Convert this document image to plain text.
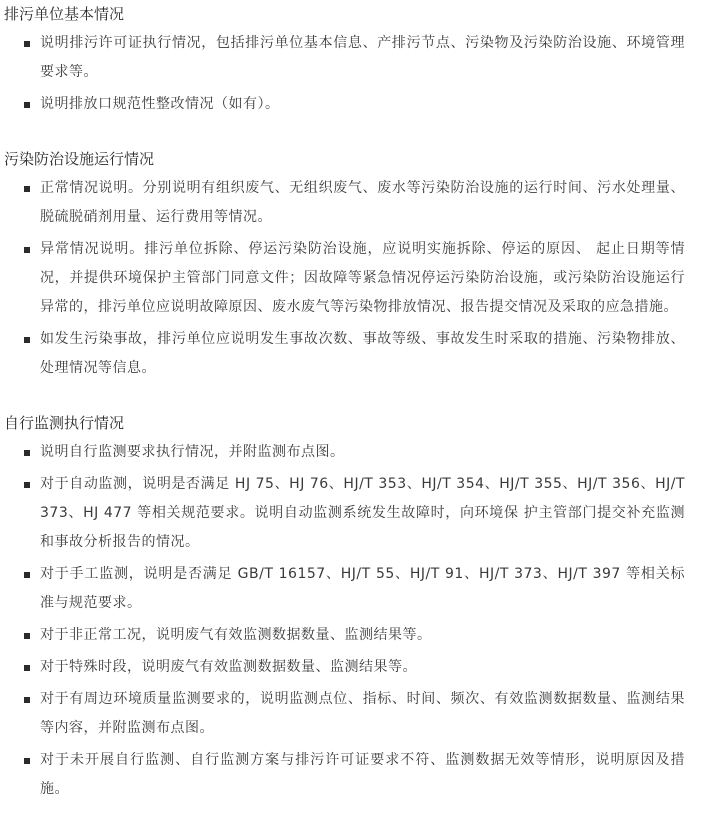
排污单位基本情况
说明排污许可证执行情况，包括排污单位基本信息、产排污节点、污染物及污染防治设施、环境管理要求等。
说明排放口规范性整改情况（如有）。
污染防治设施运行情况
正常情况说明。分别说明有组织废气、无组织废气、废水等污染防治设施的运行时间、污水处理量、脱硫脱硝剂用量、运行费用等情况。
异常情况说明。排污单位拆除、停运污染防治设施，应说明实施拆除、停运的原因、 起止日期等情况，并提供环境保护主管部门同意文件；因故障等紧急情况停运污染防治设施，或污染防治设施运行异常的，排污单位应说明故障原因、废水废气等污染物排放情况、报告提交情况及采取的应急措施。
如发生污染事故，排污单位应说明发生事故次数、事故等级、事故发生时采取的措施、污染物排放、处理情况等信息。
自行监测执行情况
说明自行监测要求执行情况，并附监测布点图。
对于自动监测，说明是否满足 HJ 75、HJ 76、HJ/T 353、HJ/T 354、HJ/T 355、HJ/T 356、HJ/T 373、HJ 477 等相关规范要求。说明自动监测系统发生故障时，向环境保 护主管部门提交补充监测和事故分析报告的情况。
对于手工监测，说明是否满足 GB/T 16157、HJ/T 55、HJ/T 91、HJ/T 373、HJ/T 397 等相关标准与规范要求。
对于非正常工况，说明废气有效监测数据数量、监测结果等。
对于特殊时段，说明废气有效监测数据数量、监测结果等。
对于有周边环境质量监测要求的，说明监测点位、指标、时间、频次、有效监测数据数量、监测结果等内容，并附监测布点图。
对于未开展自行监测、自行监测方案与排污许可证要求不符、监测数据无效等情形，说明原因及措施。
